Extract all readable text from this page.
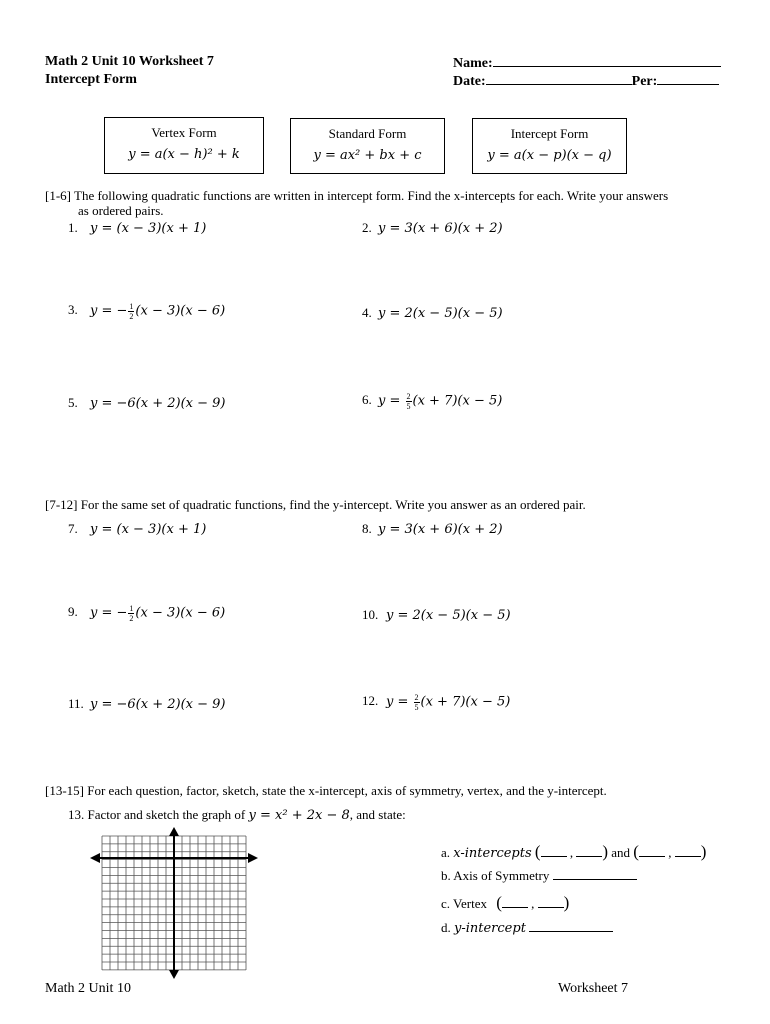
Math 2 Unit 10 Worksheet 7
Intercept Form
Name:
Date:	Per:
Vertex Form
y = a(x − h)² + k
Standard Form
y = ax² + bx + c
Intercept Form
y = a(x − p)(x − q)
[1-6] The following quadratic functions are written in intercept form. Find the x-intercepts for each. Write your answers
as ordered pairs.
1. y = (x − 3)(x + 1)	2. y = 3(x + 6)(x + 2)
3. y = − $\frac{1}{2} (x - 3)(x - 6)$	4. y = 2(x − 5)(x − 5)
5. y = −6(x + 2)(x − 9)	6. $y = \frac{2}{5} (x + 7)(x - 5)$
[7-12] For the same set of quadratic functions, find the y-intercept. Write you answer as an ordered pair.
7. y = (x − 3)(x + 1)	8. y = 3(x + 6)(x + 2)
9. y = − $\frac{1}{2} (x - 3)(x - 6)$	10. y = 2(x − 5)(x − 5)
11. y = −6(x + 2)(x − 9)	12. $y = \frac{2}{5} (x + 7)(x - 5)$
[13-15] For each question, factor, sketch, state the x-intercept, axis of symmetry, vertex, and the y-intercept.
13. Factor and sketch the graph of y = x² + 2x − 8, and state:
a. x-intercepts ( , ) and ( , )
b. Axis of Symmetry
c. Vertex ( , )
d. y-intercept
Math 2 Unit 10	Worksheet 7
